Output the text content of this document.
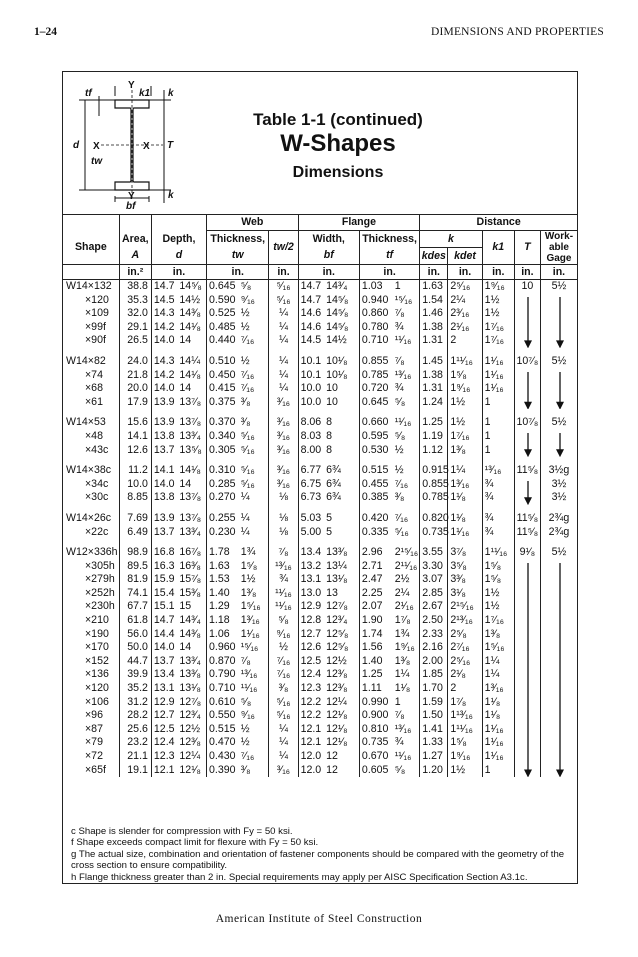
1–24	DIMENSIONS AND PROPERTIES
tf	k1 k
d X	X
tw
T
Y
Y	k
bf
Table 1-1 (continued)
W-Shapes
Dimensions
				Web			Flange				Distance				
Shape	Area,	Depth,		Thickness,		tw/2	Width,		Thickness,		k		k1	T	Work-able Gage
	A	d		tw			bf		tf		kdes	kdet			
	in.²	in.		in.		in.	in.		in.		in.	in.	in.	in.	in.
W14×132	38.8	14.7	14⁵⁄₈	0.645	⁵⁄₈	⁵⁄₁₆	14.7	14³⁄₄	1.03	1	1.63	2⁵⁄₁₆	1⁹⁄₁₆	10	5½
×120	35.3	14.5	14½	0.590	⁹⁄₁₆	⁵⁄₁₆	14.7	14⁵⁄₈	0.940	¹⁵⁄₁₆	1.54	2¼	1½		
×109	32.0	14.3	14³⁄₈	0.525	½	¼	14.6	14⁵⁄₈	0.860	⁷⁄₈	1.46	2³⁄₁₆	1½		
×99f	29.1	14.2	14¹⁄₈	0.485	½	¼	14.6	14⁵⁄₈	0.780	¾	1.38	2¹⁄₁₆	1⁷⁄₁₆		
×90f	26.5	14.0	14	0.440	⁷⁄₁₆	¼	14.5	14½	0.710	¹¹⁄₁₆	1.31	2	1⁷⁄₁₆		

W14×82	24.0	14.3	14¼	0.510	½	¼	10.1	10¹⁄₈	0.855	⁷⁄₈	1.45	1¹¹⁄₁₆	1¹⁄₁₆	10⁷⁄₈	5½
×74	21.8	14.2	14¹⁄₈	0.450	⁷⁄₁₆	¼	10.1	10¹⁄₈	0.785	¹³⁄₁₆	1.38	1⁵⁄₈	1¹⁄₁₆		
×68	20.0	14.0	14	0.415	⁷⁄₁₆	¼	10.0	10	0.720	¾	1.31	1⁹⁄₁₆	1¹⁄₁₆		
×61	17.9	13.9	13⁷⁄₈	0.375	³⁄₈	³⁄₁₆	10.0	10	0.645	⁵⁄₈	1.24	1½	1		

W14×53	15.6	13.9	13⁷⁄₈	0.370	³⁄₈	³⁄₁₆	8.06	8	0.660	¹¹⁄₁₆	1.25	1½	1	10⁷⁄₈	5½
×48	14.1	13.8	13³⁄₄	0.340	⁵⁄₁₆	³⁄₁₆	8.03	8	0.595	⁵⁄₈	1.19	1⁷⁄₁₆	1		
×43c	12.6	13.7	13⁵⁄₈	0.305	⁵⁄₁₆	³⁄₁₆	8.00	8	0.530	½	1.12	1³⁄₈	1		

W14×38c	11.2	14.1	14¹⁄₈	0.310	⁵⁄₁₆	³⁄₁₆	6.77	6¾	0.515	½	0.915	1¼	¹³⁄₁₆	11⁵⁄₈	3½g
×34c	10.0	14.0	14	0.285	⁵⁄₁₆	³⁄₁₆	6.75	6¾	0.455	⁷⁄₁₆	0.855	1³⁄₁₆	¾		3½
×30c	8.85	13.8	13⁷⁄₈	0.270	¼	⅛	6.73	6¾	0.385	³⁄₈	0.785	1¹⁄₈	¾		3½

W14×26c	7.69	13.9	13⁷⁄₈	0.255	¼	⅛	5.03	5	0.420	⁷⁄₁₆	0.820	1¹⁄₈	¾	11⁵⁄₈	2¾g
×22c	6.49	13.7	13³⁄₄	0.230	¼	⅛	5.00	5	0.335	⁵⁄₁₆	0.735	1¹⁄₁₆	¾	11⁵⁄₈	2¾g

W12×336h	98.9	16.8	16⁷⁄₈	1.78	1¾	⁷⁄₈	13.4	13³⁄₈	2.96	2¹⁵⁄₁₆	3.55	3⁷⁄₈	1¹¹⁄₁₆	9¹⁄₈	5½
×305h	89.5	16.3	16³⁄₈	1.63	1⁵⁄₈	¹³⁄₁₆	13.2	13¼	2.71	2¹¹⁄₁₆	3.30	3⁵⁄₈	1⁵⁄₈		
×279h	81.9	15.9	15⁷⁄₈	1.53	1½	¾	13.1	13¹⁄₈	2.47	2½	3.07	3³⁄₈	1⁵⁄₈		
×252h	74.1	15.4	15³⁄₈	1.40	1³⁄₈	¹¹⁄₁₆	13.0	13	2.25	2¼	2.85	3¹⁄₈	1½		
×230h	67.7	15.1	15	1.29	1⁵⁄₁₆	¹¹⁄₁₆	12.9	12⁷⁄₈	2.07	2¹⁄₁₆	2.67	2¹⁵⁄₁₆	1½		
×210	61.8	14.7	14³⁄₄	1.18	1³⁄₁₆	⁵⁄₈	12.8	12³⁄₄	1.90	1⁷⁄₈	2.50	2¹³⁄₁₆	1⁷⁄₁₆		
×190	56.0	14.4	14³⁄₈	1.06	1¹⁄₁₆	⁹⁄₁₆	12.7	12⁵⁄₈	1.74	1¾	2.33	2⁵⁄₈	1³⁄₈		
×170	50.0	14.0	14	0.960	¹⁵⁄₁₆	½	12.6	12⁵⁄₈	1.56	1⁹⁄₁₆	2.16	2⁷⁄₁₆	1⁵⁄₁₆		
×152	44.7	13.7	13³⁄₄	0.870	⁷⁄₈	⁷⁄₁₆	12.5	12½	1.40	1³⁄₈	2.00	2⁵⁄₁₆	1¼		
×136	39.9	13.4	13³⁄₈	0.790	¹³⁄₁₆	⁷⁄₁₆	12.4	12³⁄₈	1.25	1¼	1.85	2¹⁄₈	1¼		
×120	35.2	13.1	13¹⁄₈	0.710	¹¹⁄₁₆	³⁄₈	12.3	12³⁄₈	1.11	1¹⁄₈	1.70	2	1³⁄₁₆		
×106	31.2	12.9	12⁷⁄₈	0.610	⁵⁄₈	⁵⁄₁₆	12.2	12¼	0.990	1	1.59	1⁷⁄₈	1¹⁄₈		
×96	28.2	12.7	12³⁄₄	0.550	⁹⁄₁₆	⁵⁄₁₆	12.2	12¹⁄₈	0.900	⁷⁄₈	1.50	1¹³⁄₁₆	1¹⁄₈		
×87	25.6	12.5	12½	0.515	½	¼	12.1	12¹⁄₈	0.810	¹³⁄₁₆	1.41	1¹¹⁄₁₆	1¹⁄₁₆		
×79	23.2	12.4	12³⁄₈	0.470	½	¼	12.1	12¹⁄₈	0.735	¾	1.33	1⁵⁄₈	1¹⁄₁₆		
×72	21.1	12.3	12¼	0.430	⁷⁄₁₆	¼	12.0	12	0.670	¹¹⁄₁₆	1.27	1⁹⁄₁₆	1¹⁄₁₆		
×65f	19.1	12.1	12¹⁄₈	0.390	³⁄₈	³⁄₁₆	12.0	12	0.605	⁵⁄₈	1.20	1½	1		
c Shape is slender for compression with Fy = 50 ksi.
f Shape exceeds compact limit for flexure with Fy = 50 ksi.
g The actual size, combination and orientation of fastener components should be compared with the geometry of the cross section to ensure compatibility.
h Flange thickness greater than 2 in. Special requirements may apply per AISC Specification Section A3.1c.
American Institute of Steel Construction
